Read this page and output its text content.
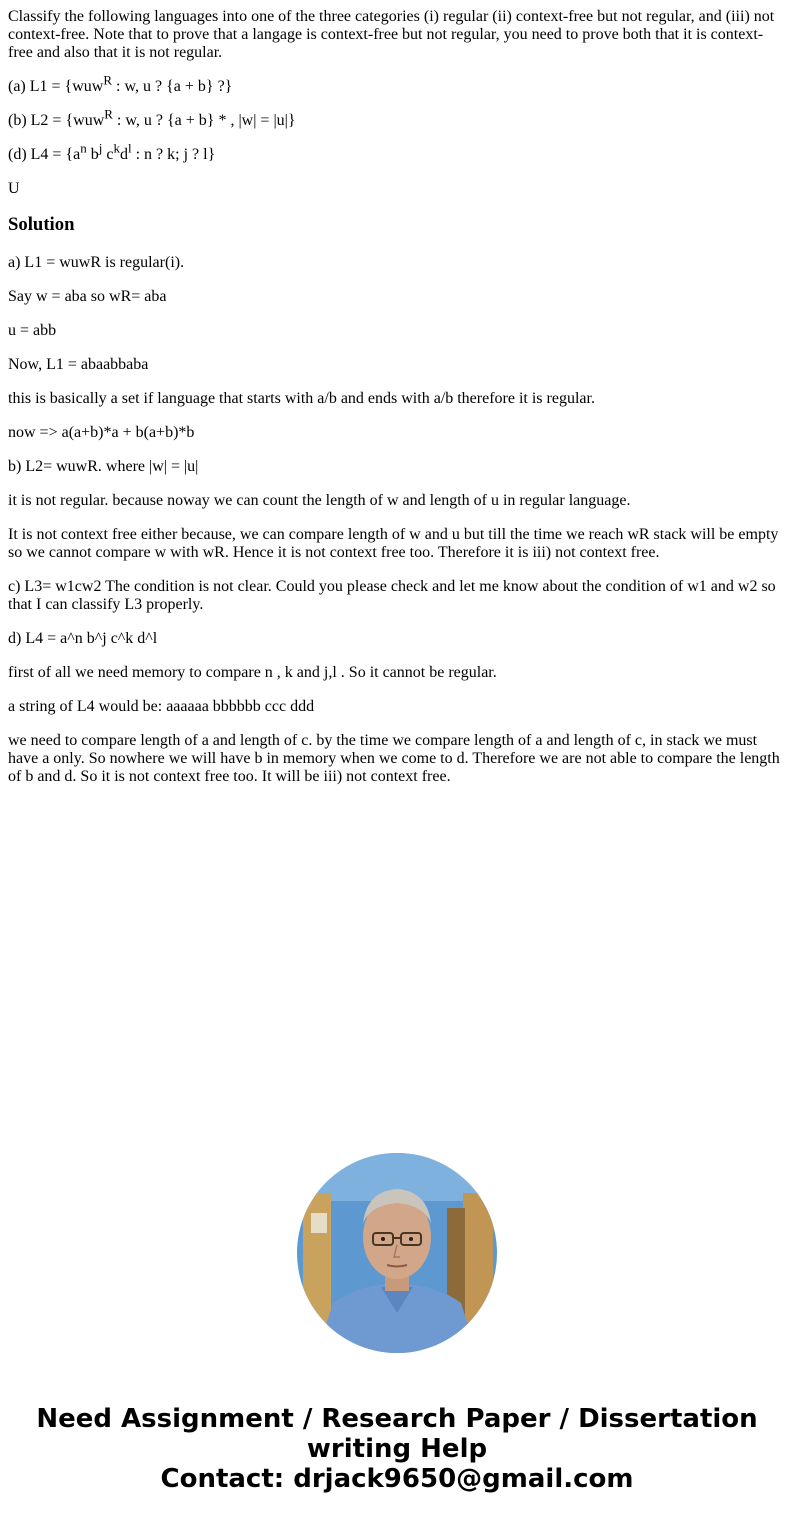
Classify the following languages into one of the three categories (i) regular (ii) context-free but not regular, and (iii) not context-free. Note that to prove that a langage is context-free but not regular, you need to prove both that it is context-free and also that it is not regular.

(a) L1 = {wuw$^R$ : w, u ? {a + b} ?}

(b) L2 = {wuw$^R$ : w, u ? {a + b} * , |w| = |u|}

(d) $L4 = \{a^n$ $b^j$ $c^kd^l$ : n ? k; j ? l}

U

Solution

a) L1 = wuwR is regular(i).

Say w = aba so wR= aba

u = abb

Now, L1 = abaabbaba

this is basically a set if language that starts with a/b and ends with a/b therefore it is regular.

now => a(a+b)*a + b(a+b)*b

b) L2= wuwR. where |w| = |u|

it is not regular. because noway we can count the length of w and length of u in regular language.

It is not context free either because, we can compare length of w and u but till the time we reach wR stack will be empty so we cannot compare w with wR. Hence it is not context free too. Therefore it is iii) not context free.

c) L3= w1cw2 The condition is not clear. Could you please check and let me know about the condition of w1 and w2 so that I can classify L3 properly.

d) L4 = a^n b^j c^k d^l

first of all we need memory to compare n , k and j,l . So it cannot be regular.

a string of L4 would be: aaaaaa bbbbbb ccc ddd

we need to compare length of a and length of c. by the time we compare length of a and length of c, in stack we must have a only. So nowhere we will have b in memory when we come to d. Therefore we are not able to compare the length of b and d. So it is not context free too. It will be iii) not context free.

Need Assignment / Research Paper / Dissertation
writing Help
Contact: drjack9650@gmail.com
